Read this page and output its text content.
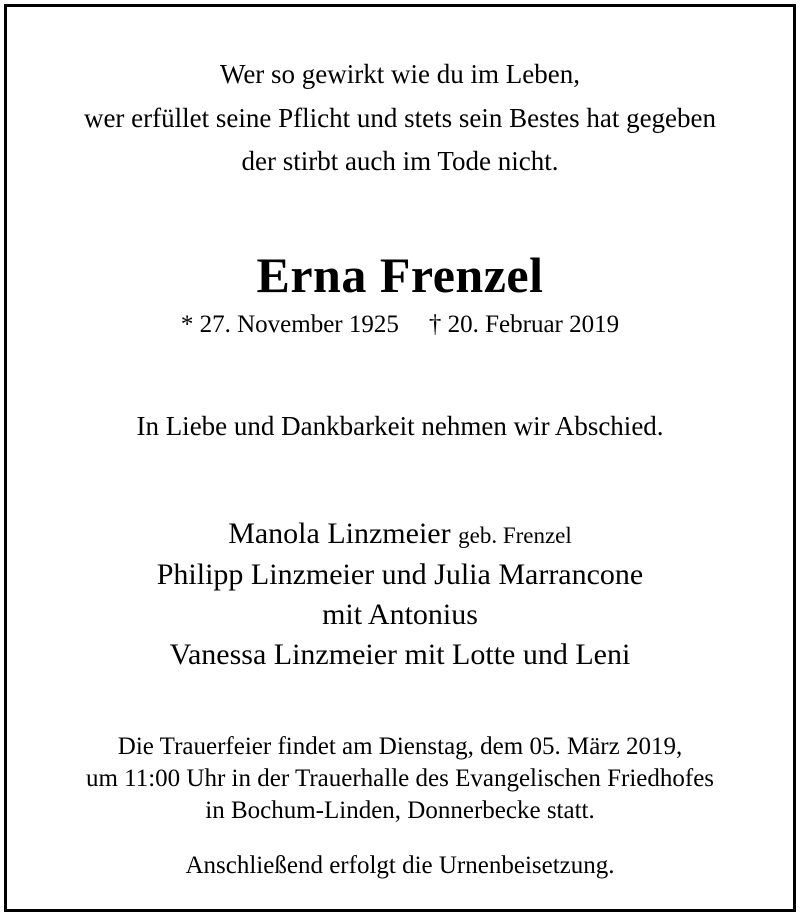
Wer so gewirkt wie du im Leben,
wer erfüllet seine Pflicht und stets sein Bestes hat gegeben
der stirbt auch im Tode nicht.
Erna Frenzel
* 27. November 1925 † 20. Februar 2019
In Liebe und Dankbarkeit nehmen wir Abschied.
Manola Linzmeier geb. Frenzel
Philipp Linzmeier und Julia Marrancone
mit Antonius
Vanessa Linzmeier mit Lotte und Leni
Die Trauerfeier findet am Dienstag, dem 05. März 2019,
um 11:00 Uhr in der Trauerhalle des Evangelischen Friedhofes
in Bochum-Linden, Donnerbecke statt.
Anschließend erfolgt die Urnenbeisetzung.
